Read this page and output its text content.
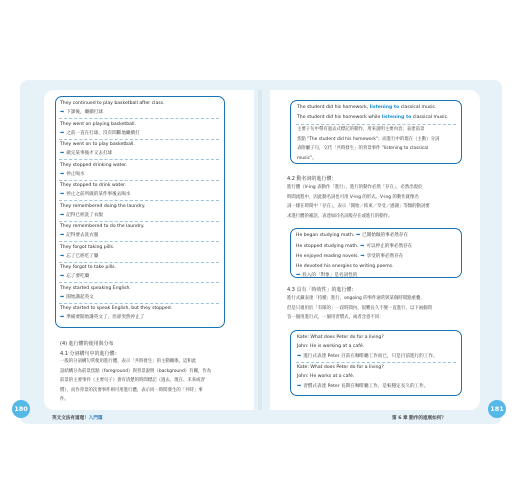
They continued to play basketball after class.
➡ 下課後，繼續打球
They went on playing basketball.
➡ 之前一直在打球，沒有間斷地繼續打
They went on to play basketball.
➡ 做完某事後才又去打球
They stopped drinking water.
➡ 停止喝水
They stopped to drink water.
➡ 停止之前所做的某件事後去喝水
They remembered doing the laundry.
➡ 記得已經洗了衣服
They remembered to do the laundry.
➡ 記得要去洗衣服
They forgot taking pills.
➡ 忘了已經吃了藥
They forgot to take pills.
➡ 忘了要吃藥
They started speaking English.
➡ 開始講起英文
They started to speak English, but they stopped.
➡ 準備要開始講英文了，但卻突然停止了
(4) 進行體的使用與分布
4.1 分詞構句中的進行體：

一般的分詞構句常使用進行體，表示「共時發生」的主動關係。這和此

話結構分為前景焦點（foreground）與背景說明（background）有關，作為

前景的主要事件（主要句子）會有清楚的時間標記（過去、現在、未來或習

慣），而作背景的次要事件則可用進行體，表示同一時間發生的「共時」事

件。

180
英文文法有道理！入門篇
The student did his homework, listening to classical music.
The student did his homework while listening to classical music.

主要子句中帶有過去式標記的動作，用來說明主要內容；表達前景

焦點 "The student did his homework"；而進行中的現在（主動）分詞

表附屬子句，交代「共時發生」的背景事件 "listening to classical

music"。

4.2 動名詞的進行體：

進行體（V-ing 表動作「進行」，進行的動作必然「存在」，必然出現於

時間流程中，因此動名詞也可用 V-ing 的形式。V-ing 的動作就像名

詞一樣在時間中「存在」，表示「開始／結束／享受／感謝」等類的動詞要

求進行體的補語，表達如同名詞般存在或進行的動作。

He began studying math. ➡ 已開始做的事必然存在
He stopped studying math. ➡ 可以停止的事必然存在
He enjoyed reading novels. ➡ 享受的事必然存在
He devoted his energies to writing poems.
➡ 投入的「對象」是名詞性的
4.3 具有「時效性」的進行體：

進行式藏表達「持續」進行，ongoing 的事件通常與某個時間點重疊，

但是只適用於「有限的」一段時間內，很難長久不變一直進行，以下兩個問

答一個用進行式，一個用習慣式，兩者含意不同：

Kate: What does Peter do for a living?
John: He is working at a café.
➡ 進行式表達 Peter 目前在咖啡廳工作而已，只是目前進行的工作。
Kate: What does Peter do for a living?
John: He works at a café.
➡ 習慣式表達 Peter 長期在咖啡廳工作，是較穩定長久的工作。
第 6 章 動作的進展如何？
181
